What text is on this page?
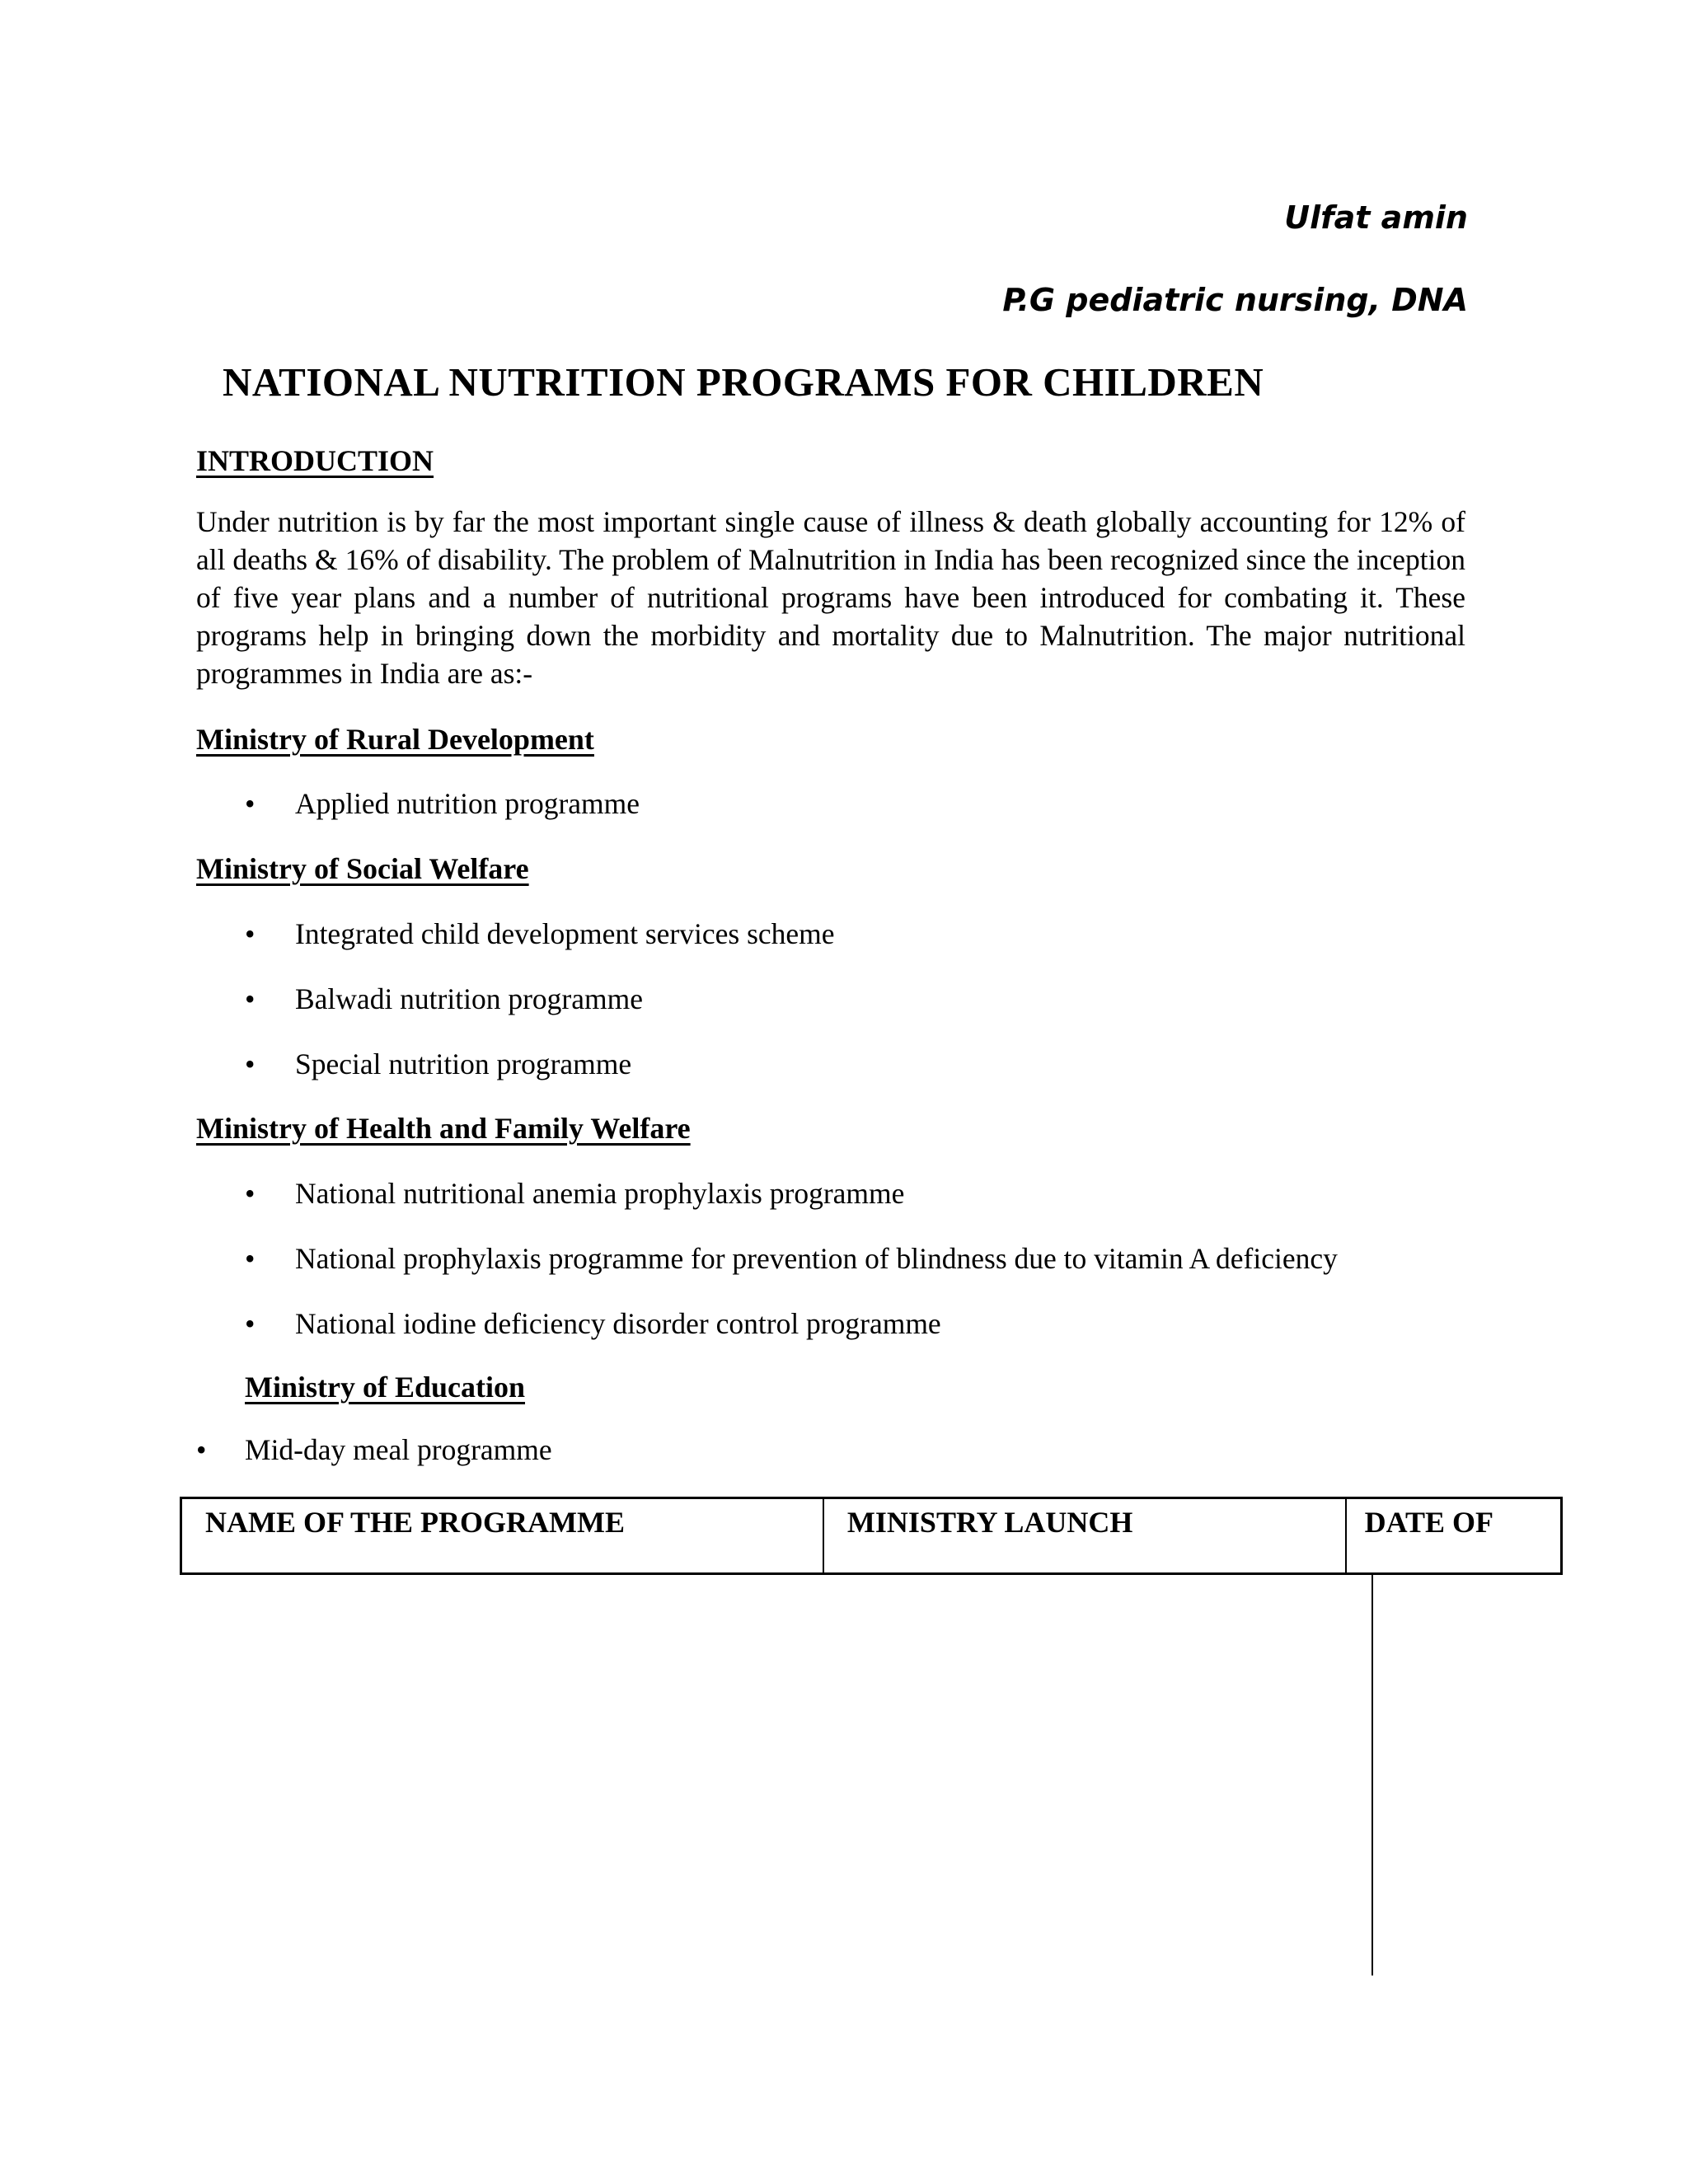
Ulfat amin

P.G pediatric nursing, DNA

NATIONAL NUTRITION PROGRAMS FOR CHILDREN
INTRODUCTION

Under nutrition is by far the most important single cause of illness & death globally accounting for 12% of all deaths & 16% of disability. The problem of Malnutrition in India has been recognized since the inception of five year plans and a number of nutritional programs have been introduced for combating it. These programs help in bringing down the morbidity and mortality due to Malnutrition. The major nutritional programmes in India are as:-

Ministry of Rural Development
• Applied nutrition programme
Ministry of Social Welfare
• Integrated child development services scheme
• Balwadi nutrition programme
• Special nutrition programme
Ministry of Health and Family Welfare
• National nutritional anemia prophylaxis programme
• National prophylaxis programme for prevention of blindness due to vitamin A deficiency
• National iodine deficiency disorder control programme
Ministry of Education
• Mid-day meal programme
NAME OF THE PROGRAMME	MINISTRY LAUNCH	DATE OF
